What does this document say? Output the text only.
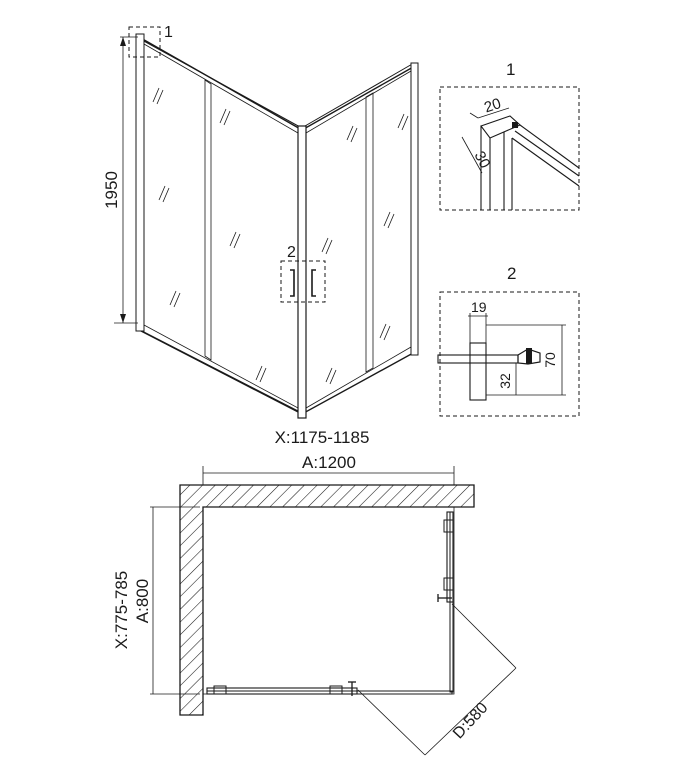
1
2
1950
1
20
30
2
19
70
32
X:1175-1185
A:1200
A:800
X:775-785
D:580
